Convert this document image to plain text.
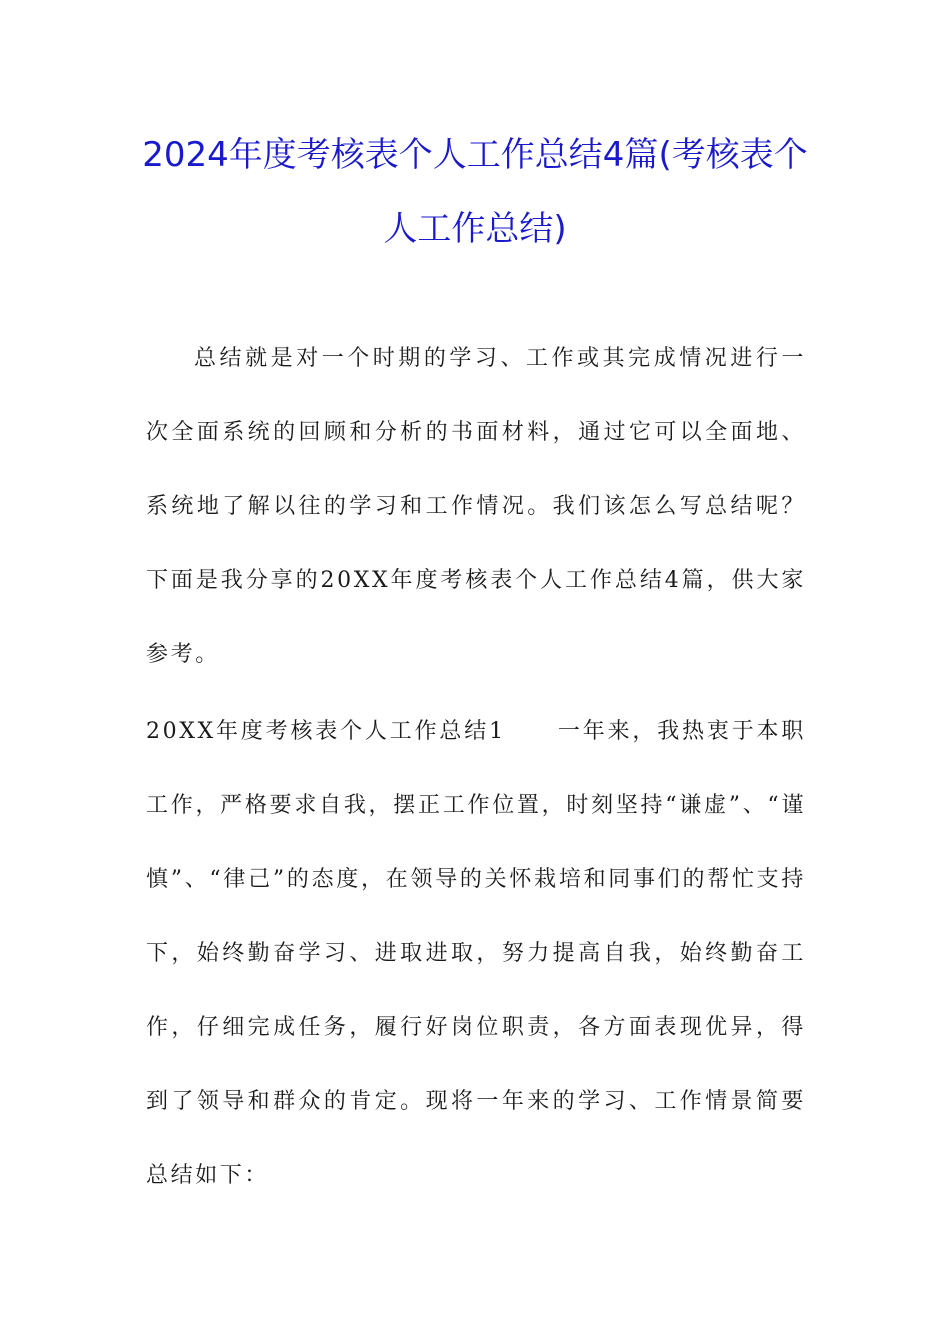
2024年度考核表个人工作总结4篇(考核表个人工作总结)

总结就是对一个时期的学习、工作或其完成情况进行一次全面系统的回顾和分析的书面材料，通过它可以全面地、系统地了解以往的学习和工作情况。我们该怎么写总结呢？下面是我分享的20XX年度考核表个人工作总结4篇，供大家参考。

20XX年度考核表个人工作总结1 一年来，我热衷于本职工作，严格要求自我，摆正工作位置，时刻坚持“谦虚”、“谨慎”、“律己”的态度，在领导的关怀栽培和同事们的帮忙支持下，始终勤奋学习、进取进取，努力提高自我，始终勤奋工作，仔细完成任务，履行好岗位职责，各方面表现优异，得到了领导和群众的肯定。现将一年来的学习、工作情景简要总结如下：
